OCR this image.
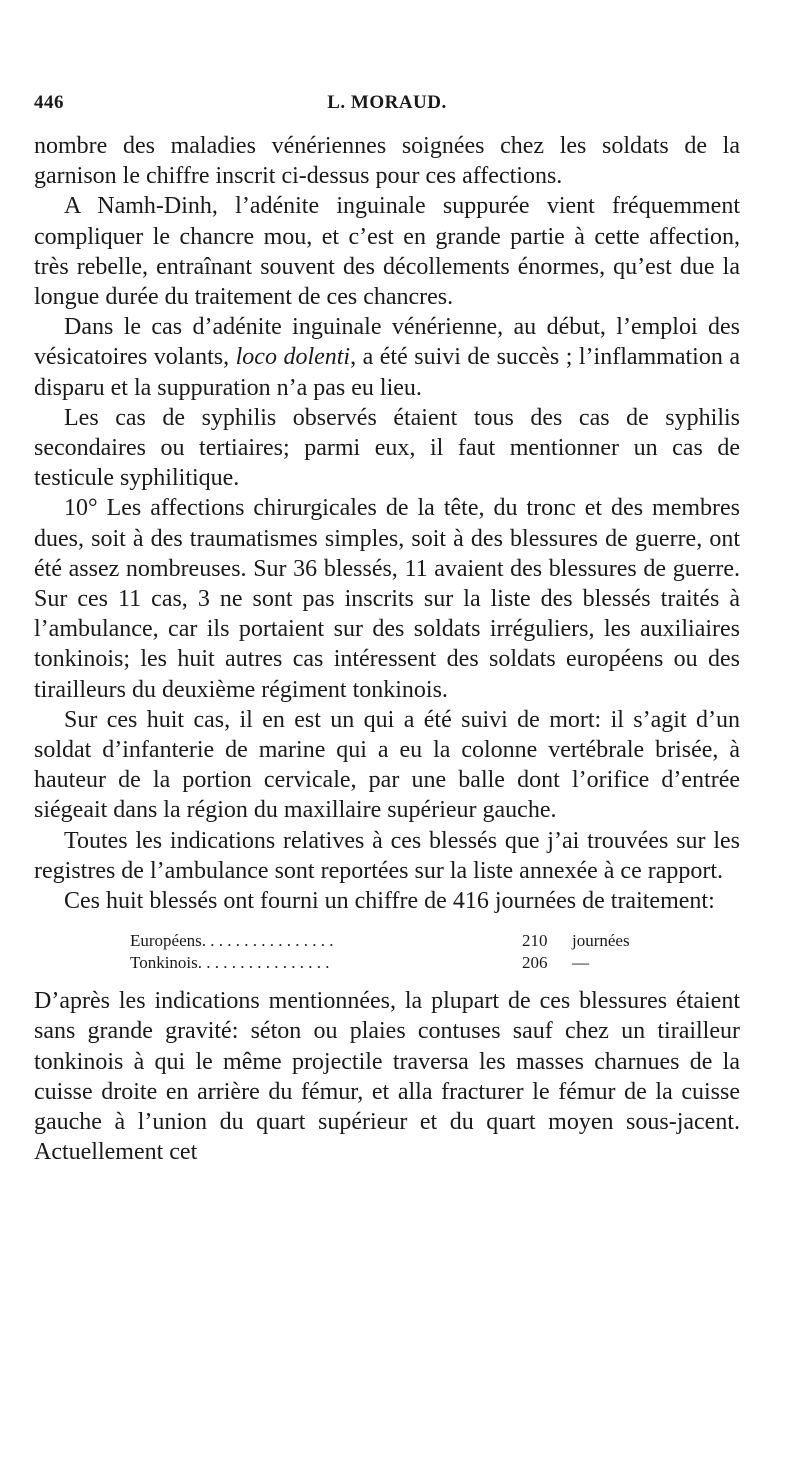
446	L. MORAUD.

nombre des maladies vénériennes soignées chez les soldats de la garnison le chiffre inscrit ci-dessus pour ces affections.

A Namh-Dinh, l’adénite inguinale suppurée vient fréquemment compliquer le chancre mou, et c’est en grande partie à cette affection, très rebelle, entraînant souvent des décollements énormes, qu’est due la longue durée du traitement de ces chancres.

Dans le cas d’adénite inguinale vénérienne, au début, l’emploi des vésicatoires volants, loco dolenti, a été suivi de succès ; l’inflammation a disparu et la suppuration n’a pas eu lieu.

Les cas de syphilis observés étaient tous des cas de syphilis secondaires ou tertiaires; parmi eux, il faut mentionner un cas de testicule syphilitique.

10° Les affections chirurgicales de la tête, du tronc et des membres dues, soit à des traumatismes simples, soit à des blessures de guerre, ont été assez nombreuses. Sur 36 blessés, 11 avaient des blessures de guerre. Sur ces 11 cas, 3 ne sont pas inscrits sur la liste des blessés traités à l’ambulance, car ils portaient sur des soldats irréguliers, les auxiliaires tonkinois; les huit autres cas intéressent des soldats européens ou des tirailleurs du deuxième régiment tonkinois.

Sur ces huit cas, il en est un qui a été suivi de mort: il s’agit d’un soldat d’infanterie de marine qui a eu la colonne vertébrale brisée, à hauteur de la portion cervicale, par une balle dont l’orifice d’entrée siégeait dans la région du maxillaire supérieur gauche.

Toutes les indications relatives à ces blessés que j’ai trouvées sur les registres de l’ambulance sont reportées sur la liste annexée à ce rapport.

Ces huit blessés ont fourni un chiffre de 416 journées de traitement:

Européens. . . . . . . . . . . . . . . .	210	journées
Tonkinois. . . . . . . . . . . . . . . .	206	—

D’après les indications mentionnées, la plupart de ces blessures étaient sans grande gravité: séton ou plaies contuses sauf chez un tirailleur tonkinois à qui le même projectile traversa les masses charnues de la cuisse droite en arrière du fémur, et alla fracturer le fémur de la cuisse gauche à l’union du quart supérieur et du quart moyen sous-jacent. Actuellement cet
